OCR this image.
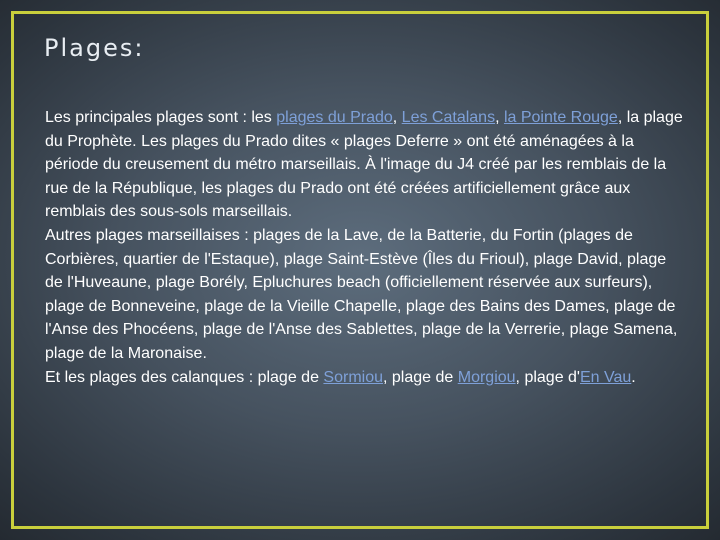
Plages:

Les principales plages sont : les plages du Prado, Les Catalans, la Pointe Rouge, la plage du Prophète. Les plages du Prado dites « plages Deferre » ont été aménagées à la période du creusement du métro marseillais. À l'image du J4 créé par les remblais de la rue de la République, les plages du Prado ont été créées artificiellement grâce aux remblais des sous-sols marseillais.

Autres plages marseillaises : plages de la Lave, de la Batterie, du Fortin (plages de Corbières, quartier de l'Estaque), plage Saint-Estève (Îles du Frioul), plage David, plage de l'Huveaune, plage Borély, Epluchures beach (officiellement réservée aux surfeurs), plage de Bonneveine, plage de la Vieille Chapelle, plage des Bains des Dames, plage de l'Anse des Phocéens, plage de l'Anse des Sablettes, plage de la Verrerie, plage Samena, plage de la Maronaise.

Et les plages des calanques : plage de Sormiou, plage de Morgiou, plage d'En Vau.
